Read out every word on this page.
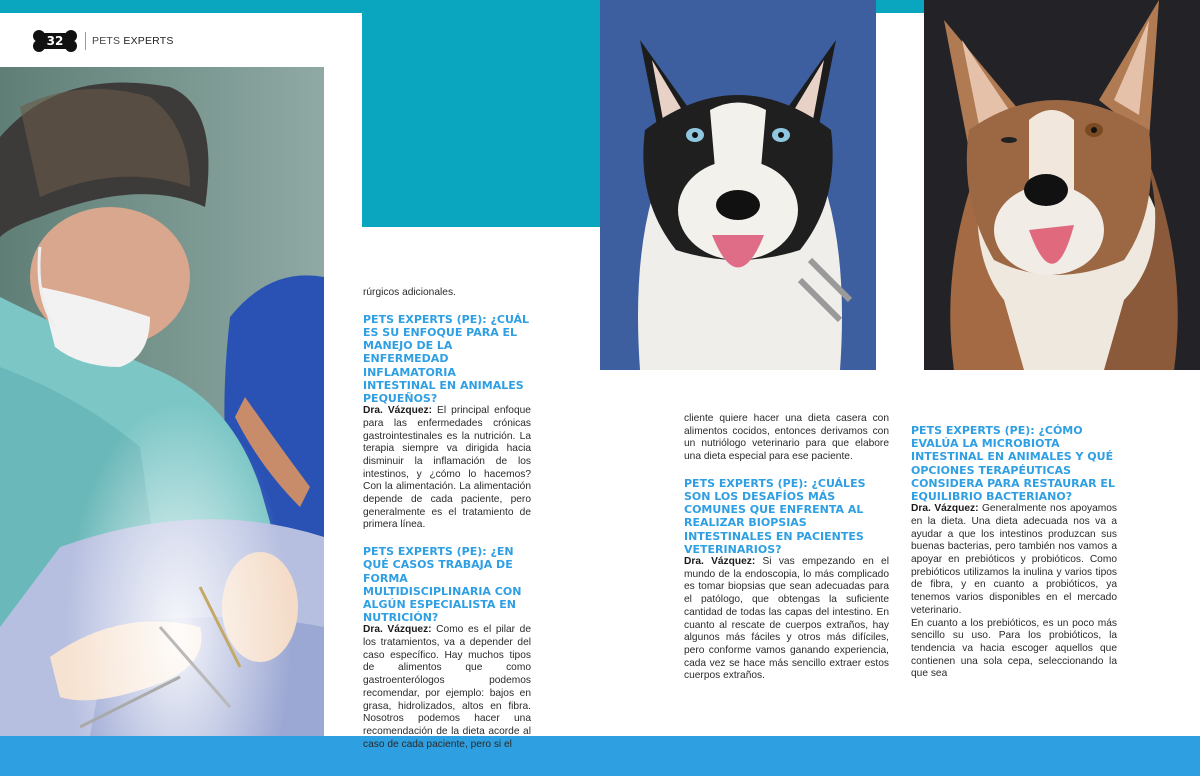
32	PETS EXPERTS

rúrgicos adicionales.

PETS EXPERTS (PE): ¿CUÁL ES SU ENFOQUE PARA EL MANEJO DE LA ENFERMEDAD INFLAMATORIA INTESTINAL EN ANIMALES PEQUEÑOS?

Dra. Vázquez: El principal enfoque para las enfermedades crónicas gastrointestinales es la nutrición. La terapia siempre va dirigida hacia disminuir la inflamación de los intestinos, y ¿cómo lo hacemos? Con la alimentación. La alimentación depende de cada paciente, pero generalmente es el tratamiento de primera línea.

PETS EXPERTS (PE): ¿EN QUÉ CASOS TRABAJA DE FORMA MULTIDISCIPLINARIA CON ALGÚN ESPECIALISTA EN NUTRICIÓN?

Dra. Vázquez: Como es el pilar de los tratamientos, va a depender del caso específico. Hay muchos tipos de alimentos que como gastroenterólogos podemos recomendar, por ejemplo: bajos en grasa, hidrolizados, altos en fibra. Nosotros podemos hacer una recomendación de la dieta acorde al caso de cada paciente, pero si el

cliente quiere hacer una dieta casera con alimentos cocidos, entonces derivamos con un nutriólogo veterinario para que elabore una dieta especial para ese paciente.

PETS EXPERTS (PE): ¿CUÁLES SON LOS DESAFÍOS MÁS COMUNES QUE ENFRENTA AL REALIZAR BIOPSIAS INTESTINALES EN PACIENTES VETERINARIOS?

Dra. Vázquez: Si vas empezando en el mundo de la endoscopia, lo más complicado es tomar biopsias que sean adecuadas para el patólogo, que obtengas la suficiente cantidad de todas las capas del intestino. En cuanto al rescate de cuerpos extraños, hay algunos más fáciles y otros más difíciles, pero conforme vamos ganando experiencia, cada vez se hace más sencillo extraer estos cuerpos extraños.

PETS EXPERTS (PE): ¿CÓMO EVALÚA LA MICROBIOTA INTESTINAL EN ANIMALES Y QUÉ OPCIONES TERAPÉUTICAS CONSIDERA PARA RESTAURAR EL EQUILIBRIO BACTERIANO?

Dra. Vázquez: Generalmente nos apoyamos en la dieta. Una dieta adecuada nos va a ayudar a que los intestinos produzcan sus buenas bacterias, pero también nos vamos a apoyar en prebióticos y probióticos. Como prebióticos utilizamos la inulina y varios tipos de fibra, y en cuanto a probióticos, ya tenemos varios disponibles en el mercado veterinario.

En cuanto a los prebióticos, es un poco más sencillo su uso. Para los probióticos, la tendencia va hacia escoger aquellos que contienen una sola cepa, seleccionando la que sea
